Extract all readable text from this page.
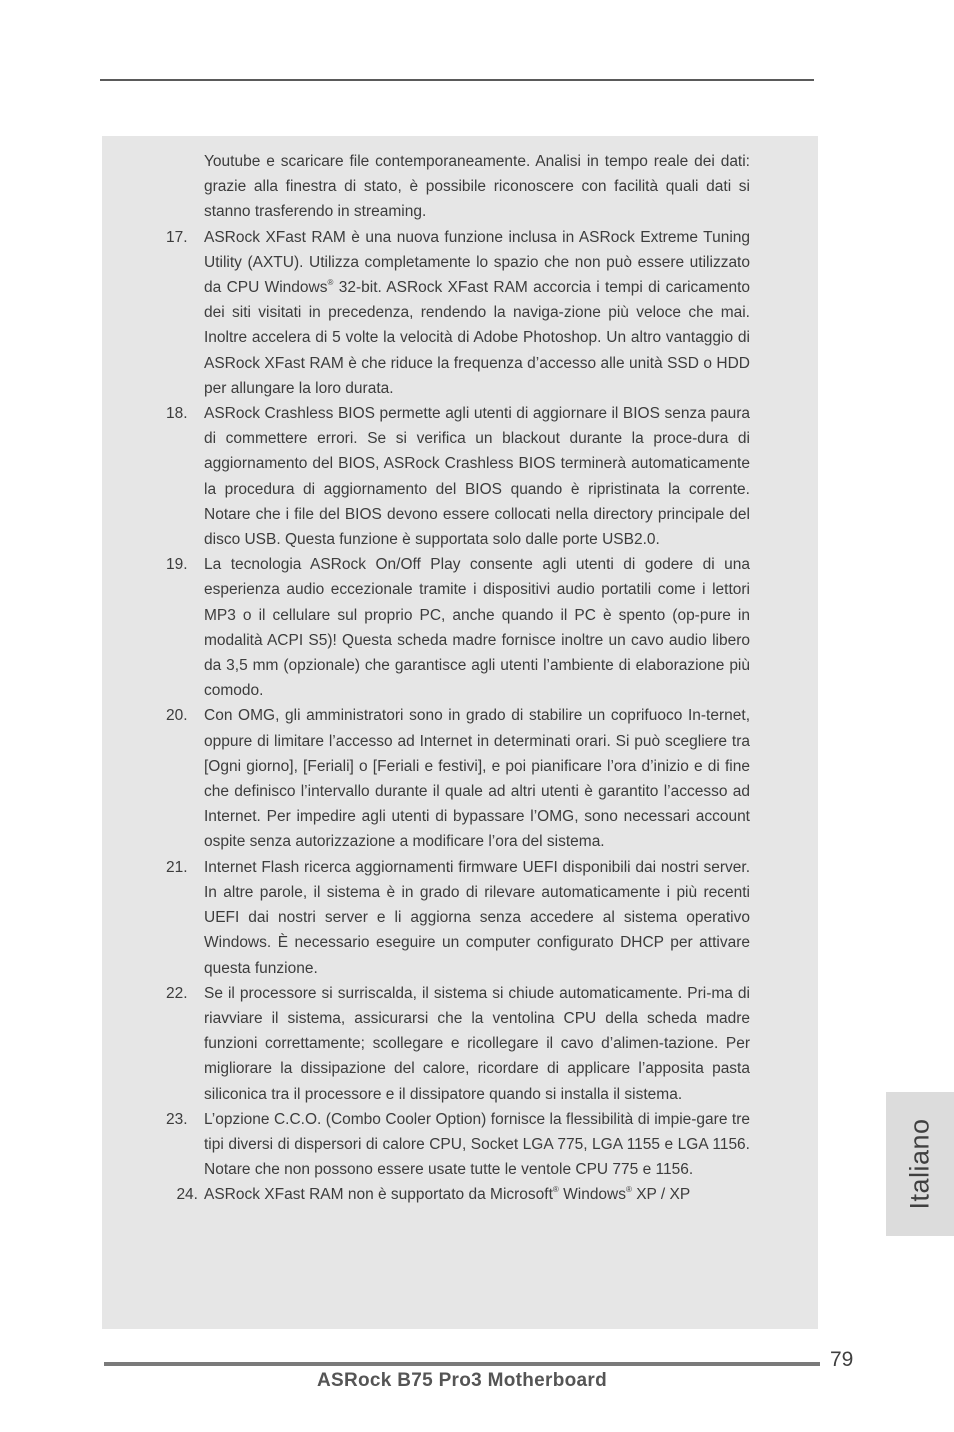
Youtube e scaricare file contemporaneamente. Analisi in tempo reale dei dati: grazie alla finestra di stato, è possibile riconoscere con facilità quali dati si stanno trasferendo in streaming.
17.	ASRock XFast RAM è una nuova funzione inclusa in ASRock Extreme Tuning Utility (AXTU). Utilizza completamente lo spazio che non può essere utilizzato da CPU Windows® 32-bit. ASRock XFast RAM accorcia i tempi di caricamento dei siti visitati in precedenza, rendendo la naviga-zione più veloce che mai. Inoltre accelera di 5 volte la velocità di Adobe Photoshop. Un altro vantaggio di ASRock XFast RAM è che riduce la frequenza d’accesso alle unità SSD o HDD per allungare la loro durata.
18.	ASRock Crashless BIOS permette agli utenti di aggiornare il BIOS senza paura di commettere errori. Se si verifica un blackout durante la proce-dura di aggiornamento del BIOS, ASRock Crashless BIOS terminerà automaticamente la procedura di aggiornamento del BIOS quando è ripristinata la corrente. Notare che i file del BIOS devono essere collocati nella directory principale del disco USB. Questa funzione è supportata solo dalle porte USB2.0.
19.	La tecnologia ASRock On/Off Play consente agli utenti di godere di una esperienza audio eccezionale tramite i dispositivi audio portatili come i lettori MP3 o il cellulare sul proprio PC, anche quando il PC è spento (op-pure in modalità ACPI S5)! Questa scheda madre fornisce inoltre un cavo audio libero da 3,5 mm (opzionale) che garantisce agli utenti l’ambiente di elaborazione più comodo.
20.	Con OMG, gli amministratori sono in grado di stabilire un coprifuoco In-ternet, oppure di limitare l’accesso ad Internet in determinati orari. Si può scegliere tra [Ogni giorno], [Feriali] o [Feriali e festivi], e poi pianificare l’ora d’inizio e di fine che definisco l’intervallo durante il quale ad altri utenti è garantito l’accesso ad Internet. Per impedire agli utenti di bypassare l’OMG, sono necessari account ospite senza autorizzazione a modificare l’ora del sistema.
21.	Internet Flash ricerca aggiornamenti firmware UEFI disponibili dai nostri server. In altre parole, il sistema è in grado di rilevare automaticamente i più recenti UEFI dai nostri server e li aggiorna senza accedere al sistema operativo Windows. È necessario eseguire un computer configurato DHCP per attivare questa funzione.
22.	Se il processore si surriscalda, il sistema si chiude automaticamente. Pri-ma di riavviare il sistema, assicurarsi che la ventolina CPU della scheda madre funzioni correttamente; scollegare e ricollegare il cavo d’alimen-tazione. Per migliorare la dissipazione del calore, ricordare di applicare l’apposita pasta siliconica tra il processore e il dissipatore quando si installa il sistema.
23.	L’opzione C.C.O. (Combo Cooler Option) fornisce la flessibilità di impie-gare tre tipi diversi di dispersori di calore CPU, Socket LGA 775, LGA 1155 e LGA 1156. Notare che non possono essere usate tutte le ventole CPU 775 e 1156.
24. ASRock XFast RAM non è supportato da Microsoft® Windows® XP / XP	Italiano
79
ASRock B75 Pro3 Motherboard
